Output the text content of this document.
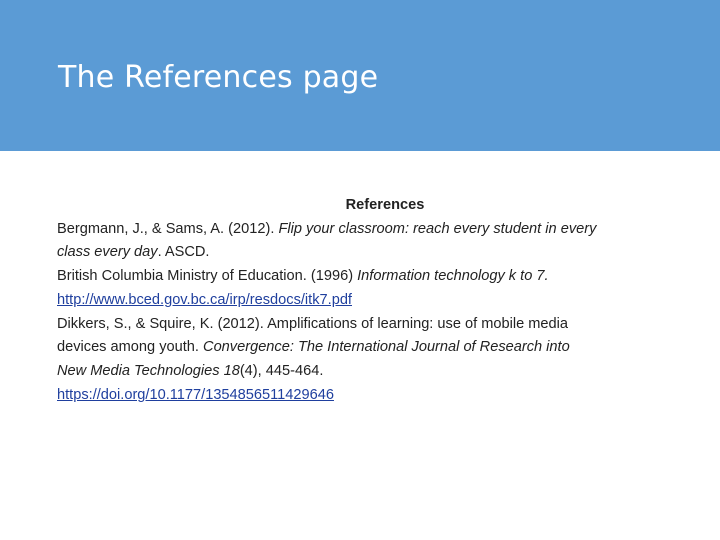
The References page

References

Bergmann, J., & Sams, A. (2012). Flip your classroom: reach every student in every
class every day. ASCD.

British Columbia Ministry of Education. (1996) Information technology k to 7.
http://www.bced.gov.bc.ca/irp/resdocs/itk7.pdf

Dikkers, S., & Squire, K. (2012). Amplifications of learning: use of mobile media
devices among youth. Convergence: The International Journal of Research into
New Media Technologies 18(4), 445-464.
https://doi.org/10.1177/1354856511429646
